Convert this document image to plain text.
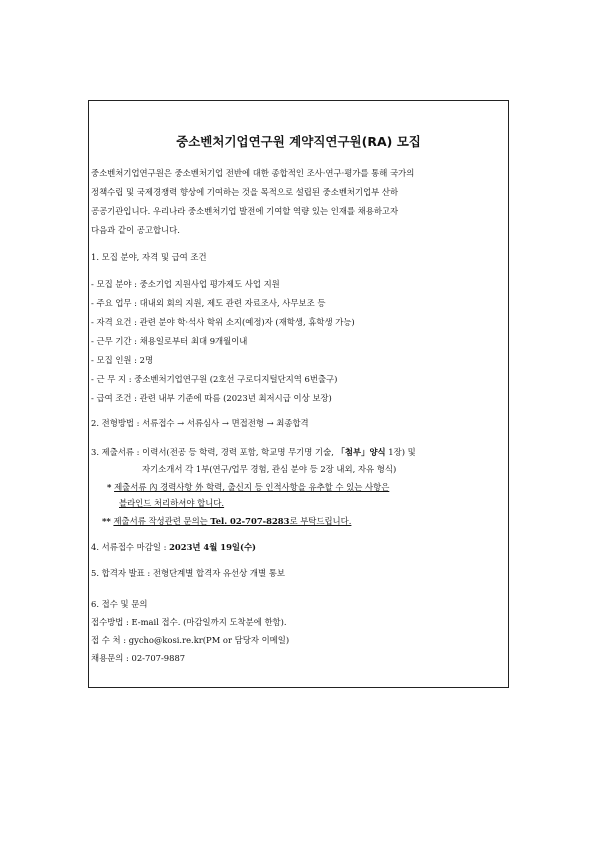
중소벤처기업연구원 계약직연구원(RA) 모집
중소벤처기업연구원은 중소벤처기업 전반에 대한 종합적인 조사·연구·평가를 통해 국가의
정책수립 및 국제경쟁력 향상에 기여하는 것을 목적으로 설립된 중소벤처기업부 산하
공공기관입니다. 우리나라 중소벤처기업 발전에 기여할 역량 있는 인재를 채용하고자
다음과 같이 공고합니다.
1. 모집 분야, 자격 및 급여 조건
- 모집 분야 : 중소기업 지원사업 평가제도 사업 지원
- 주요 업무 : 대내외 회의 지원, 제도 관련 자료조사, 사무보조 등
- 자격 요건 : 관련 분야 학·석사 학위 소지(예정)자 (재학생, 휴학생 가능)
- 근무 기간 : 채용일로부터 최대 9개월이내
- 모집 인원 : 2명
- 근 무 지 : 중소벤처기업연구원 (2호선 구로디지털단지역 6번출구)
- 급여 조건 : 관련 내부 기준에 따름 (2023년 최저시급 이상 보장)
2. 전형방법 : 서류접수 → 서류심사 → 면접전형 → 최종합격
3. 제출서류 : 이력서(전공 등 학력, 경력 포함, 학교명 무기명 기술, 「첨부」양식 1장) 및
자기소개서 각 1부(연구/업무 경험, 관심 분야 등 2장 내외, 자유 형식)
* 제출서류 內 경력사항 外 학력, 출신지 등 인적사항을 유추할 수 있는 사항은
블라인드 처리하셔야 합니다.
** 제출서류 작성관련 문의는 Tel. 02-707-8283로 부탁드립니다.
4. 서류접수 마감일 : 2023년 4월 19일(수)
5. 합격자 발표 : 전형단계별 합격자 유선상 개별 통보
6. 접수 및 문의
접수방법 : E-mail 접수. (마감일까지 도착분에 한함).
접 수 처 : gycho@kosi.re.kr(PM or 담당자 이메일)
채용문의 : 02-707-9887
